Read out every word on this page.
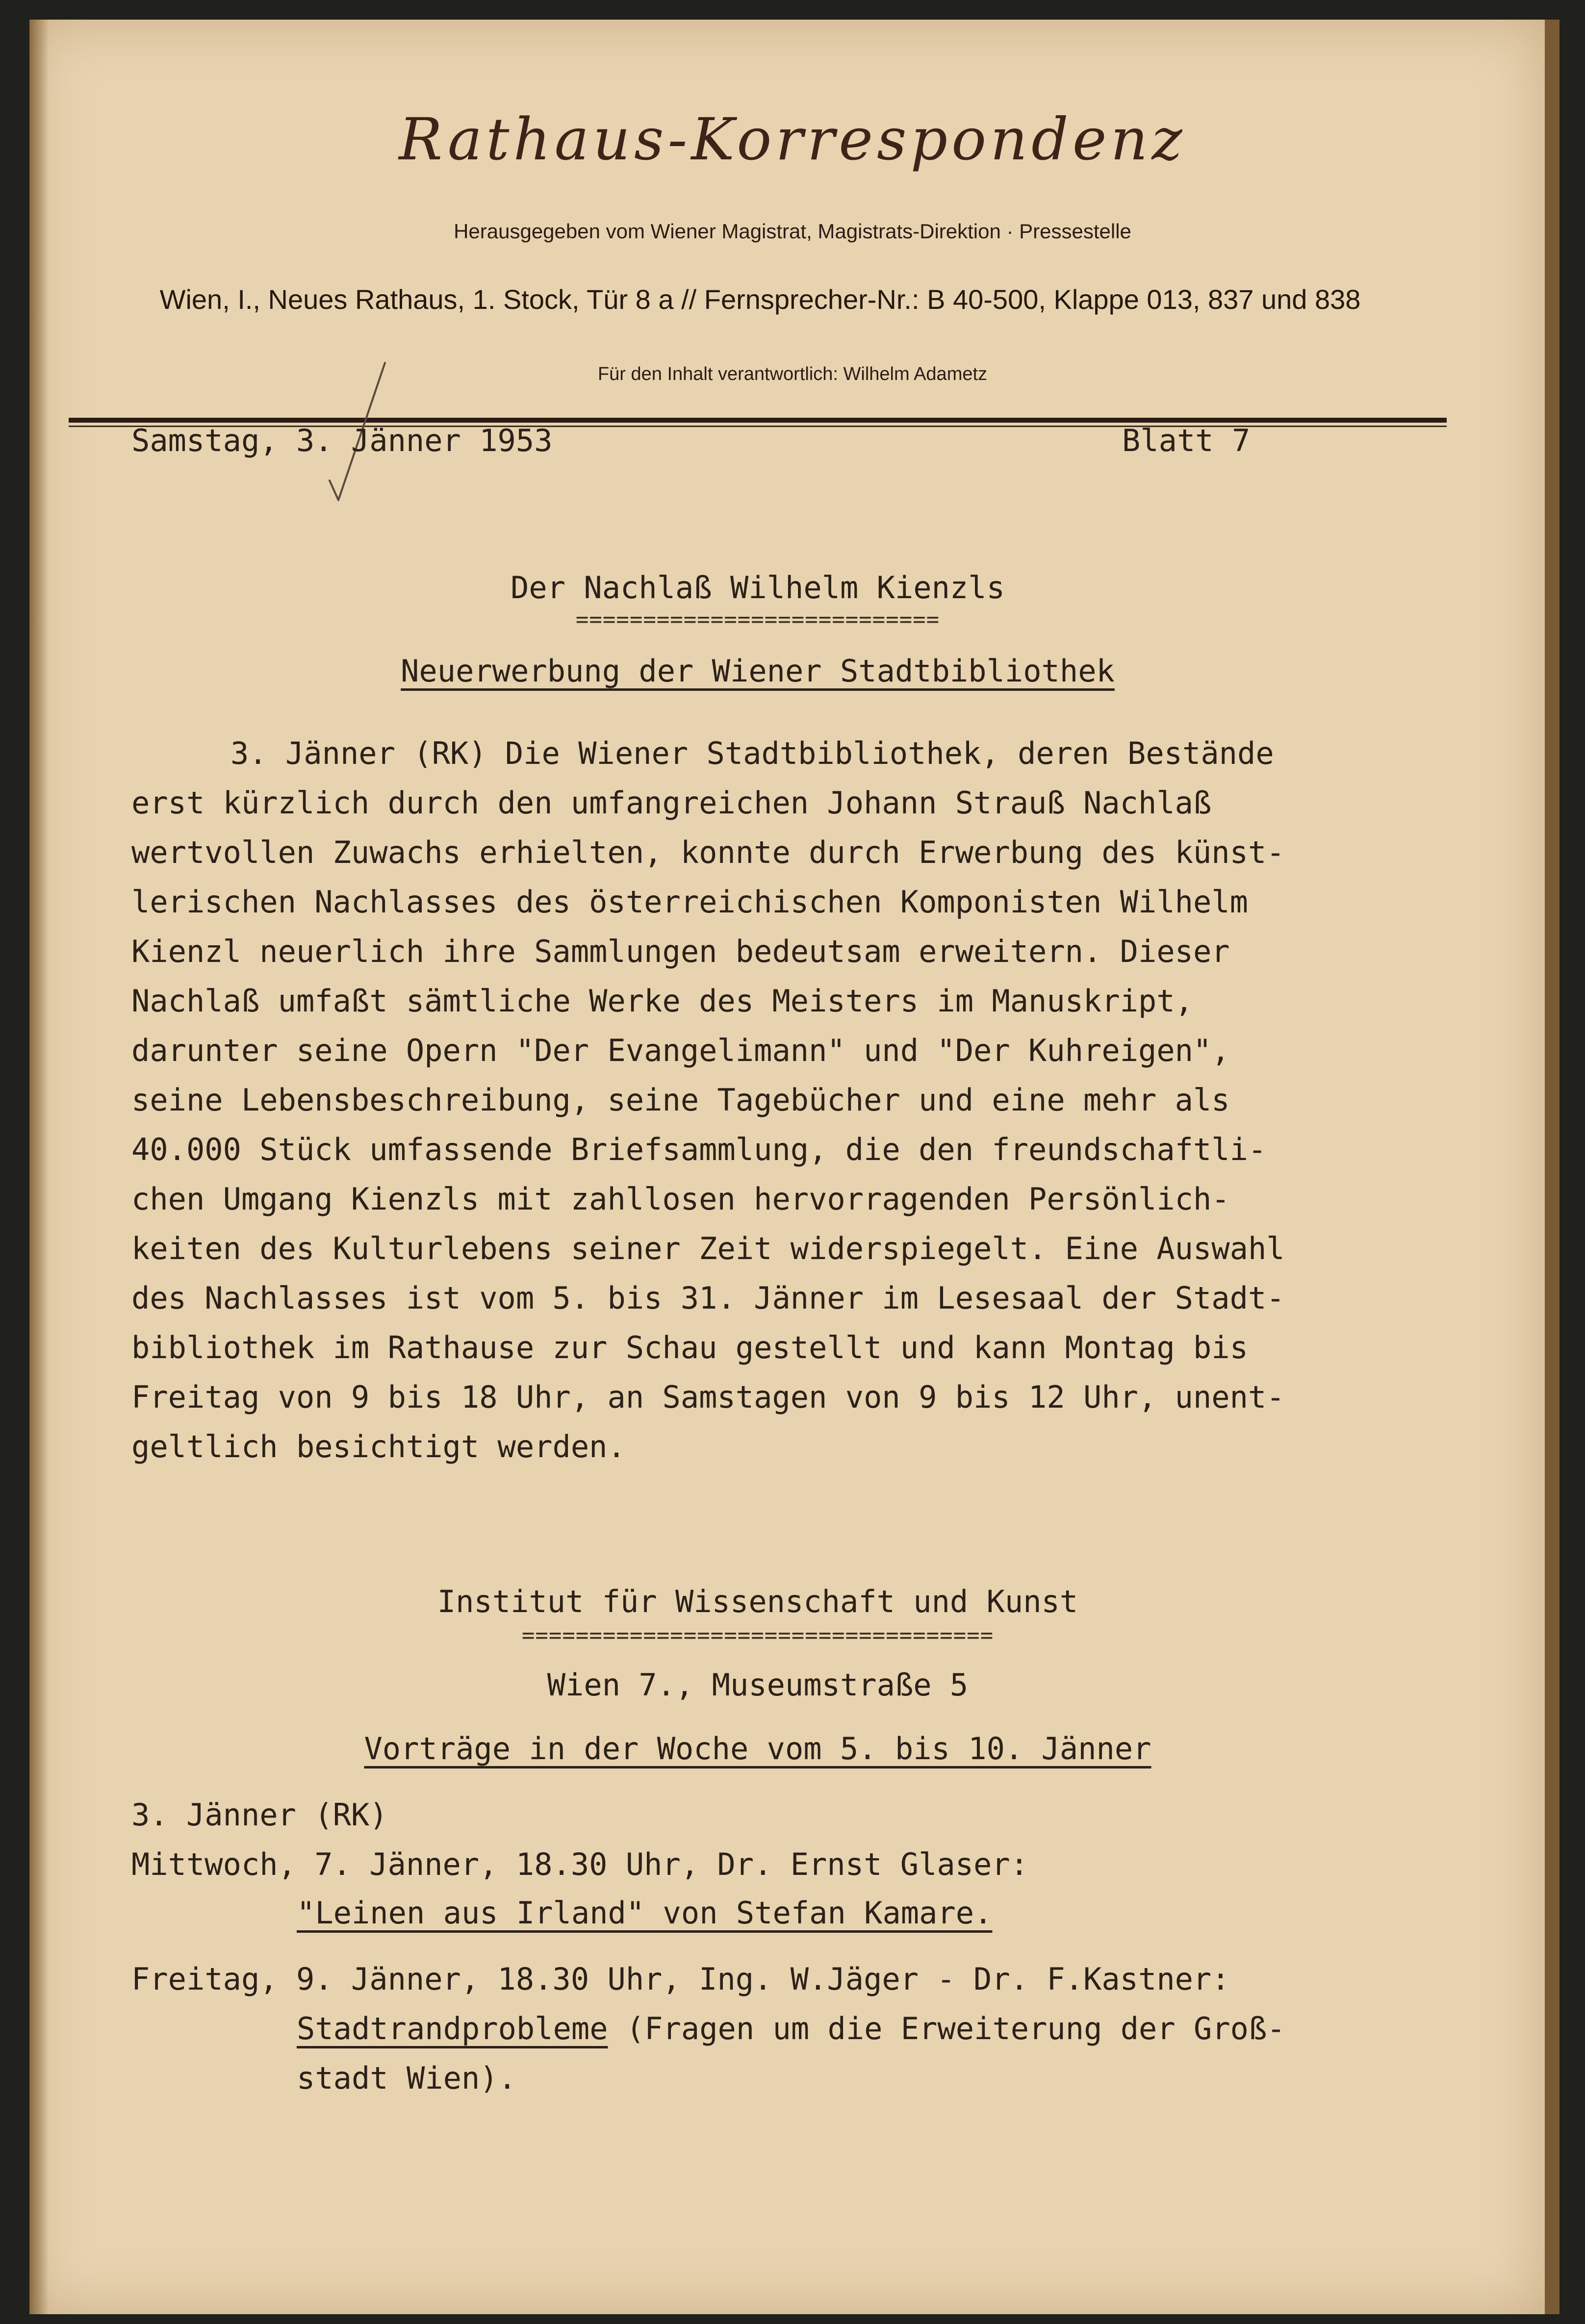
Rathaus-Korrespondenz
Herausgegeben vom Wiener Magistrat, Magistrats-Direktion · Pressestelle
Wien, I., Neues Rathaus, 1. Stock, Tür 8 a // Fernsprecher-Nr.: B 40-500, Klappe 013, 837 und 838
Für den Inhalt verantwortlich: Wilhelm Adametz
Samstag, 3. Jänner 1953	Blatt 7
Der Nachlaß Wilhelm Kienzls
===========================
Neuerwerbung der Wiener Stadtbibliothek
3. Jänner (RK) Die Wiener Stadtbibliothek, deren Bestände
erst kürzlich durch den umfangreichen Johann Strauß Nachlaß
wertvollen Zuwachs erhielten, konnte durch Erwerbung des künst-
lerischen Nachlasses des österreichischen Komponisten Wilhelm
Kienzl neuerlich ihre Sammlungen bedeutsam erweitern. Dieser
Nachlaß umfaßt sämtliche Werke des Meisters im Manuskript,
darunter seine Opern "Der Evangelimann" und "Der Kuhreigen",
seine Lebensbeschreibung, seine Tagebücher und eine mehr als
40.000 Stück umfassende Briefsammlung, die den freundschaftli-
chen Umgang Kienzls mit zahllosen hervorragenden Persönlich-
keiten des Kulturlebens seiner Zeit widerspiegelt. Eine Auswahl
des Nachlasses ist vom 5. bis 31. Jänner im Lesesaal der Stadt-
bibliothek im Rathause zur Schau gestellt und kann Montag bis
Freitag von 9 bis 18 Uhr, an Samstagen von 9 bis 12 Uhr, unent-
geltlich besichtigt werden.
Institut für Wissenschaft und Kunst
===================================
Wien 7., Museumstraße 5
Vorträge in der Woche vom 5. bis 10. Jänner
3. Jänner (RK)
Mittwoch, 7. Jänner, 18.30 Uhr, Dr. Ernst Glaser:
"Leinen aus Irland" von Stefan Kamare.
Freitag, 9. Jänner, 18.30 Uhr, Ing. W.Jäger - Dr. F.Kastner:
Stadtrandprobleme (Fragen um die Erweiterung der Groß-
stadt Wien).
